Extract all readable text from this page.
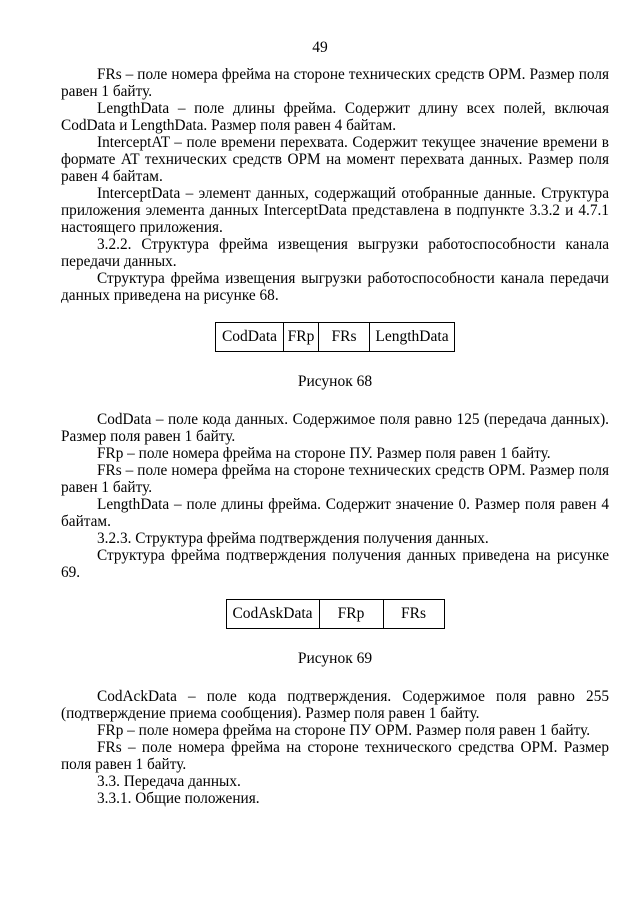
49

FRs – поле номера фрейма на стороне технических средств ОРМ. Размер поля равен 1 байту.

LengthData – поле длины фрейма. Содержит длину всех полей, включая CodData и LengthData. Размер поля равен 4 байтам.

InterceptAT – поле времени перехвата. Содержит текущее значение времени в формате AT технических средств ОРМ на момент перехвата данных. Размер поля равен 4 байтам.

InterceptData – элемент данных, содержащий отобранные данные. Структура приложения элемента данных InterceptData представлена в подпункте 3.3.2 и 4.7.1 настоящего приложения.

3.2.2. Структура фрейма извещения выгрузки работоспособности канала передачи данных.

Структура фрейма извещения выгрузки работоспособности канала передачи данных приведена на рисунке 68.

CodData	FRp	FRs	LengthData

Рисунок 68

CodData – поле кода данных. Содержимое поля равно 125 (передача данных). Размер поля равен 1 байту.

FRp – поле номера фрейма на стороне ПУ. Размер поля равен 1 байту.

FRs – поле номера фрейма на стороне технических средств ОРМ. Размер поля равен 1 байту.

LengthData – поле длины фрейма. Содержит значение 0. Размер поля равен 4 байтам.

3.2.3. Структура фрейма подтверждения получения данных.

Структура фрейма подтверждения получения данных приведена на рисунке 69.

CodAskData	FRp	FRs

Рисунок 69

CodAckData – поле кода подтверждения. Содержимое поля равно 255 (подтверждение приема сообщения). Размер поля равен 1 байту.

FRp – поле номера фрейма на стороне ПУ ОРМ. Размер поля равен 1 байту.

FRs – поле номера фрейма на стороне технического средства ОРМ. Размер поля равен 1 байту.

3.3. Передача данных.

3.3.1. Общие положения.
